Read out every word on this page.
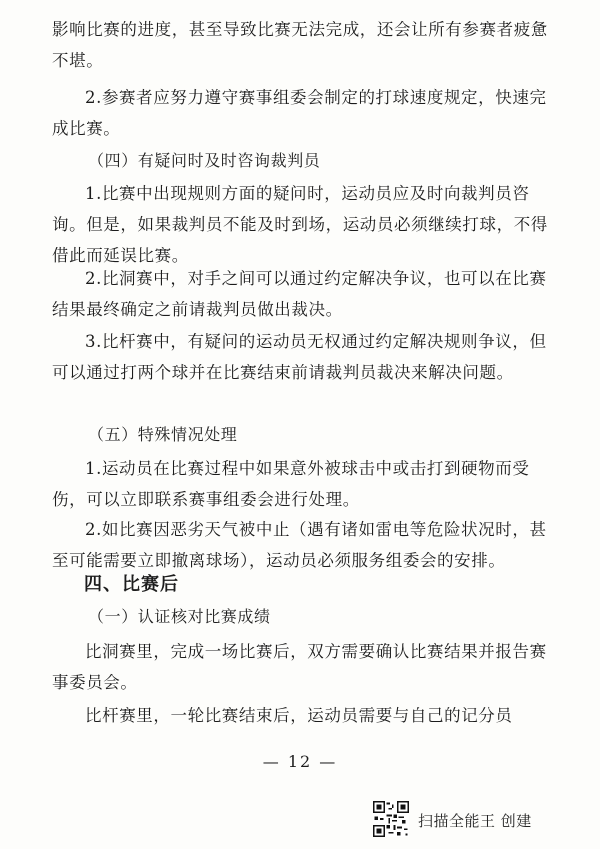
影响比赛的进度，甚至导致比赛无法完成，还会让所有参赛者疲惫不堪。

2.参赛者应努力遵守赛事组委会制定的打球速度规定，快速完成比赛。

（四）有疑问时及时咨询裁判员

1.比赛中出现规则方面的疑问时，运动员应及时向裁判员咨询。但是，如果裁判员不能及时到场，运动员必须继续打球，不得借此而延误比赛。

2.比洞赛中，对手之间可以通过约定解决争议，也可以在比赛结果最终确定之前请裁判员做出裁决。

3.比杆赛中，有疑问的运动员无权通过约定解决规则争议，但可以通过打两个球并在比赛结束前请裁判员裁决来解决问题。

（五）特殊情况处理

1.运动员在比赛过程中如果意外被球击中或击打到硬物而受伤，可以立即联系赛事组委会进行处理。

2.如比赛因恶劣天气被中止（遇有诸如雷电等危险状况时，甚至可能需要立即撤离球场），运动员必须服务组委会的安排。

四、比赛后

（一）认证核对比赛成绩

比洞赛里，完成一场比赛后，双方需要确认比赛结果并报告赛事委员会。

比杆赛里，一轮比赛结束后，运动员需要与自己的记分员

— 12 —

扫描全能王 创建
